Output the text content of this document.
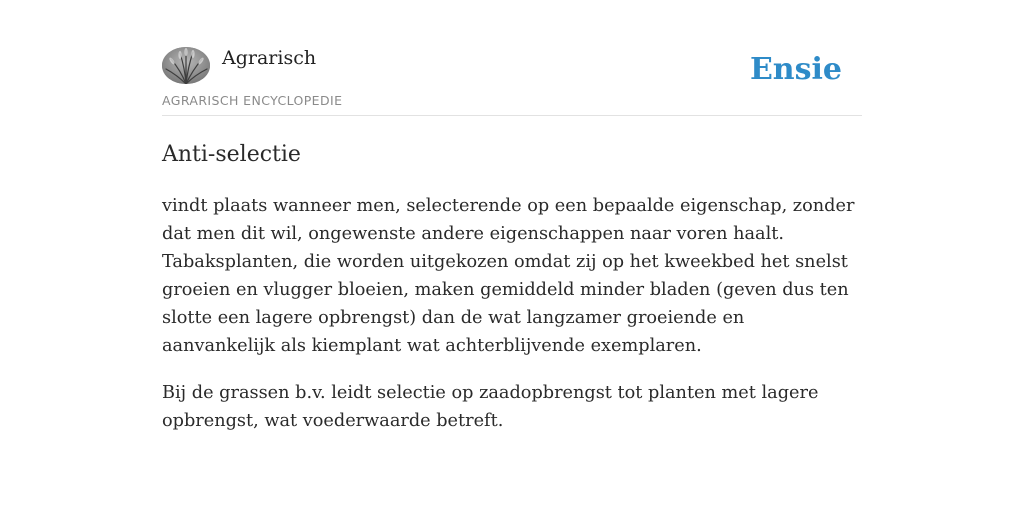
Agrarisch
AGRARISCH ENCYCLOPEDIE
Ensie
Anti-selectie

vindt plaats wanneer men, selecterende op een bepaalde eigenschap, zonder dat men dit wil, ongewenste andere eigenschappen naar voren haalt. Tabaksplanten, die worden uitgekozen omdat zij op het kweekbed het snelst groeien en vlugger bloeien, maken gemiddeld minder bladen (geven dus ten slotte een lagere opbrengst) dan de wat langzamer groeiende en aanvankelijk als kiemplant wat achterblijvende exemplaren.

Bij de grassen b.v. leidt selectie op zaadopbrengst tot planten met lagere opbrengst, wat voederwaarde betreft.
